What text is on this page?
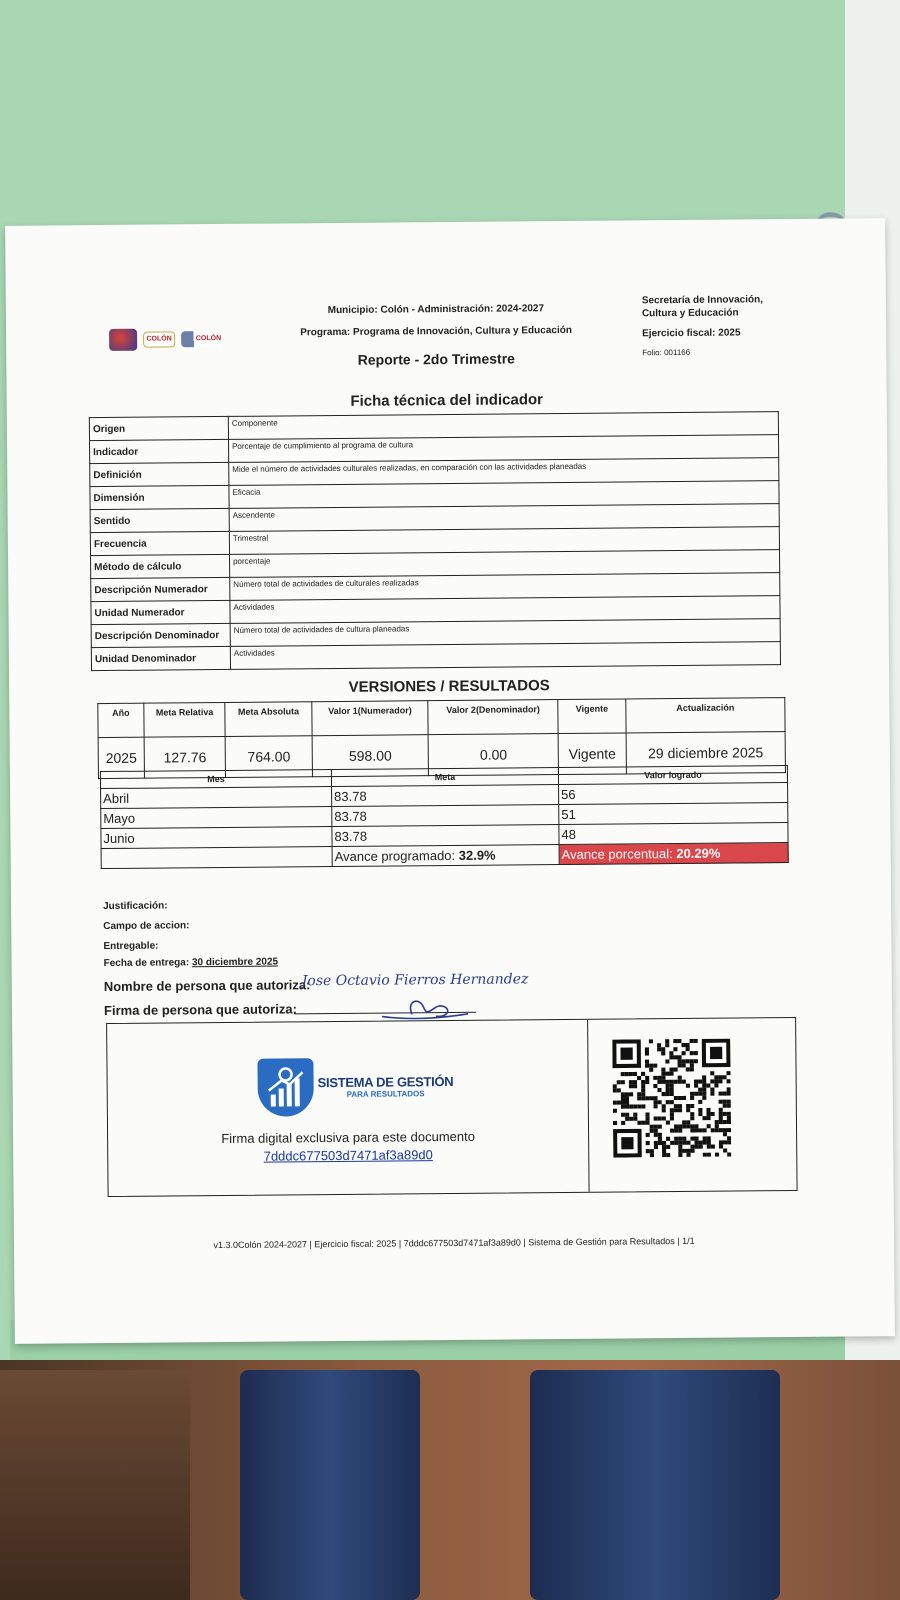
COLÓN	COLÓN
Municipio: Colón - Administración: 2024-2027
Programa: Programa de Innovación, Cultura y Educación
Reporte - 2do Trimestre
Secretaría de Innovación, Cultura y Educación
Ejercicio fiscal: 2025
Folio: 001166
Ficha técnica del indicador
Origen	Componente
Indicador	Porcentaje de cumplimiento al programa de cultura
Definición	Mide el número de actividades culturales realizadas, en comparación con las actividades planeadas
Dimensión	Eficacia
Sentido	Ascendente
Frecuencia	Trimestral
Método de cálculo	porcentaje
Descripción Numerador	Número total de actividades de culturales realizadas
Unidad Numerador	Actividades
Descripción Denominador	Número total de actividades de cultura planeadas
Unidad Denominador	Actividades
VERSIONES / RESULTADOS
Año	Meta Relativa	Meta Absoluta	Valor 1(Numerador)	Valor 2(Denominador)	Vigente	Actualización
2025	127.76	764.00	598.00	0.00	Vigente	29 diciembre 2025
Mes	Meta	Valor logrado
Abril	83.78	56
Mayo	83.78	51
Junio	83.78	48
	Avance programado: 32.9%	Avance porcentual: 20.29%
Justificación:
Campo de accion:
Entregable:
Fecha de entrega: 30 diciembre 2025
Nombre de persona que autoriza:
Jose Octavio Fierros Hernandez
Firma de persona que autoriza:
SISTEMA DE GESTIÓN
PARA RESULTADOS
Firma digital exclusiva para este documento
7dddc677503d7471af3a89d0
v1.3.0Colón 2024-2027 | Ejercicio fiscal: 2025 | 7dddc677503d7471af3a89d0 | Sistema de Gestión para Resultados | 1/1
